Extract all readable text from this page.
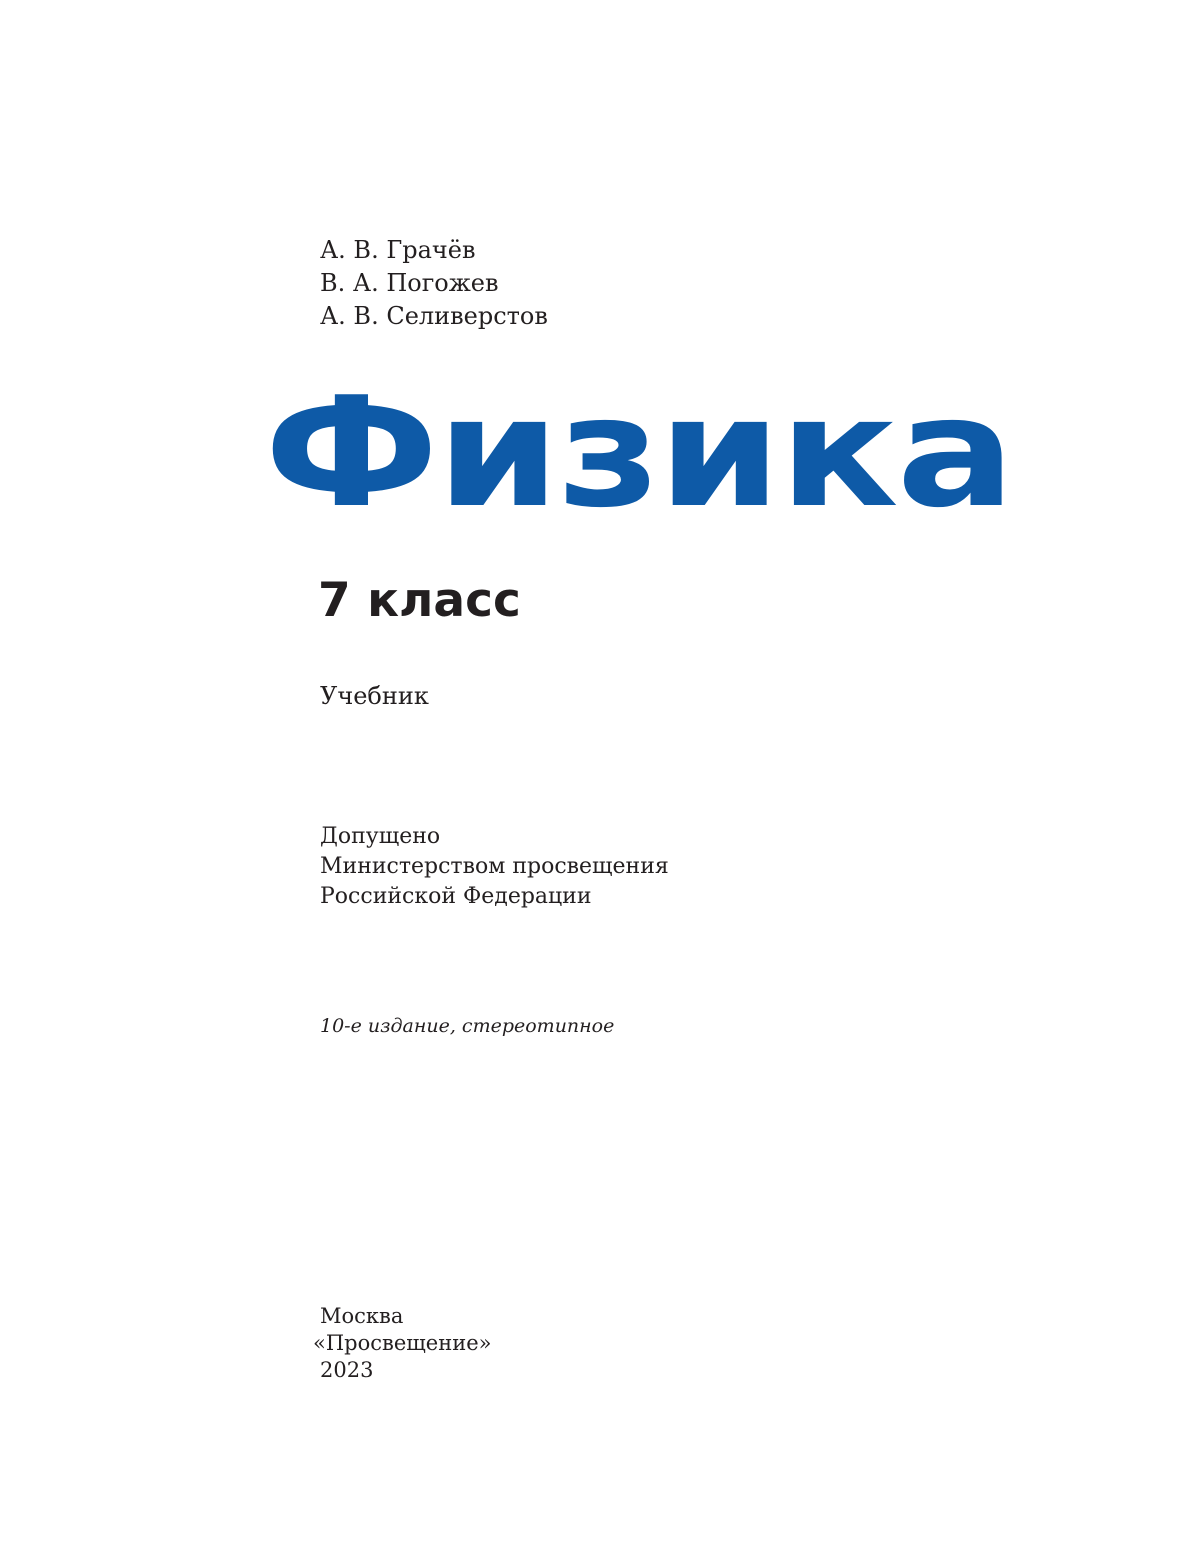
А. В. Грачёв
В. А. Погожев
А. В. Селиверстов
Физика
7 класс
Учебник
Допущено
Министерством просвещения
Российской Федерации
10-е издание, стереотипное
Москва
«Просвещение»
2023
